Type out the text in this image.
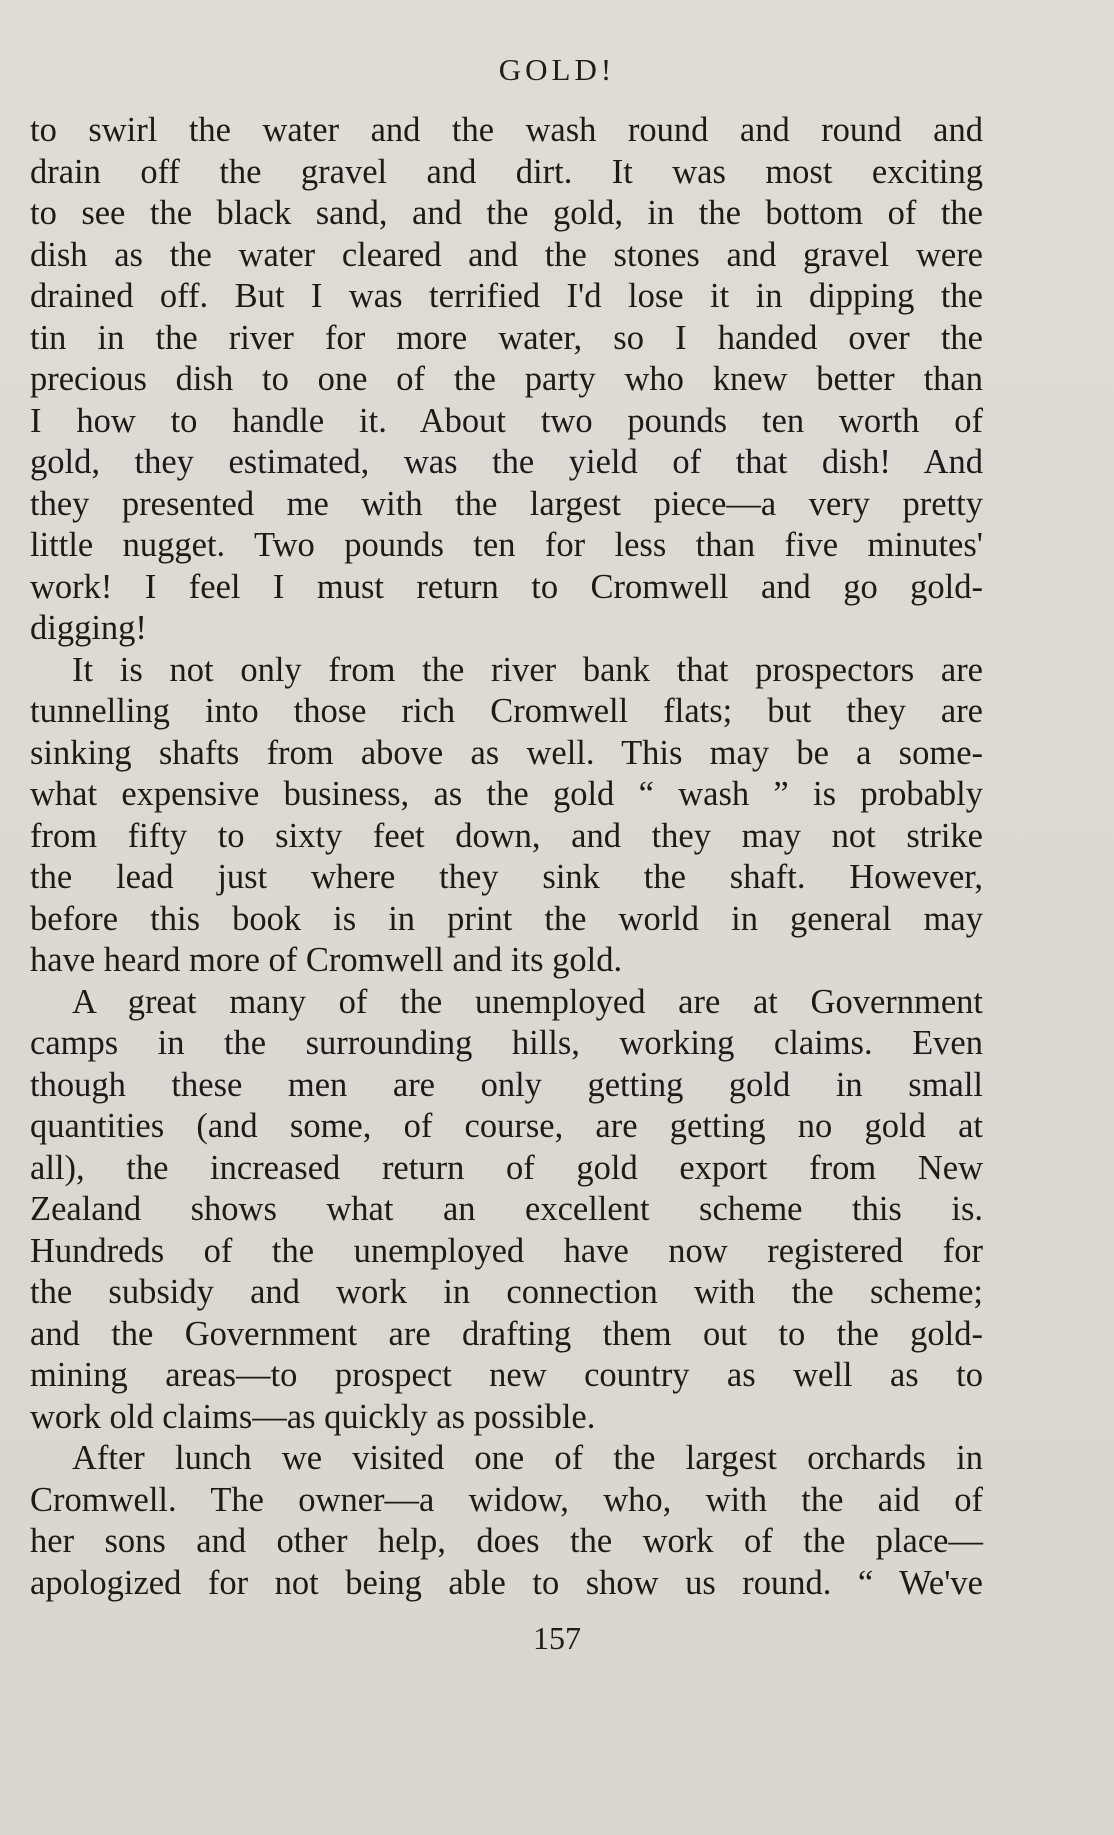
GOLD!

to swirl the water and the wash round and round and
drain off the gravel and dirt. It was most exciting
to see the black sand, and the gold, in the bottom of the
dish as the water cleared and the stones and gravel were
drained off. But I was terrified I'd lose it in dipping the
tin in the river for more water, so I handed over the
precious dish to one of the party who knew better than
I how to handle it. About two pounds ten worth of
gold, they estimated, was the yield of that dish! And
they presented me with the largest piece—a very pretty
little nugget. Two pounds ten for less than five minutes'
work! I feel I must return to Cromwell and go gold-
digging!

It is not only from the river bank that prospectors are
tunnelling into those rich Cromwell flats; but they are
sinking shafts from above as well. This may be a some-
what expensive business, as the gold “ wash ” is probably
from fifty to sixty feet down, and they may not strike
the lead just where they sink the shaft. However,
before this book is in print the world in general may
have heard more of Cromwell and its gold.

A great many of the unemployed are at Government
camps in the surrounding hills, working claims. Even
though these men are only getting gold in small
quantities (and some, of course, are getting no gold at
all), the increased return of gold export from New
Zealand shows what an excellent scheme this is.
Hundreds of the unemployed have now registered for
the subsidy and work in connection with the scheme;
and the Government are drafting them out to the gold-
mining areas—to prospect new country as well as to
work old claims—as quickly as possible.

After lunch we visited one of the largest orchards in
Cromwell. The owner—a widow, who, with the aid of
her sons and other help, does the work of the place—
apologized for not being able to show us round. “ We've

157
